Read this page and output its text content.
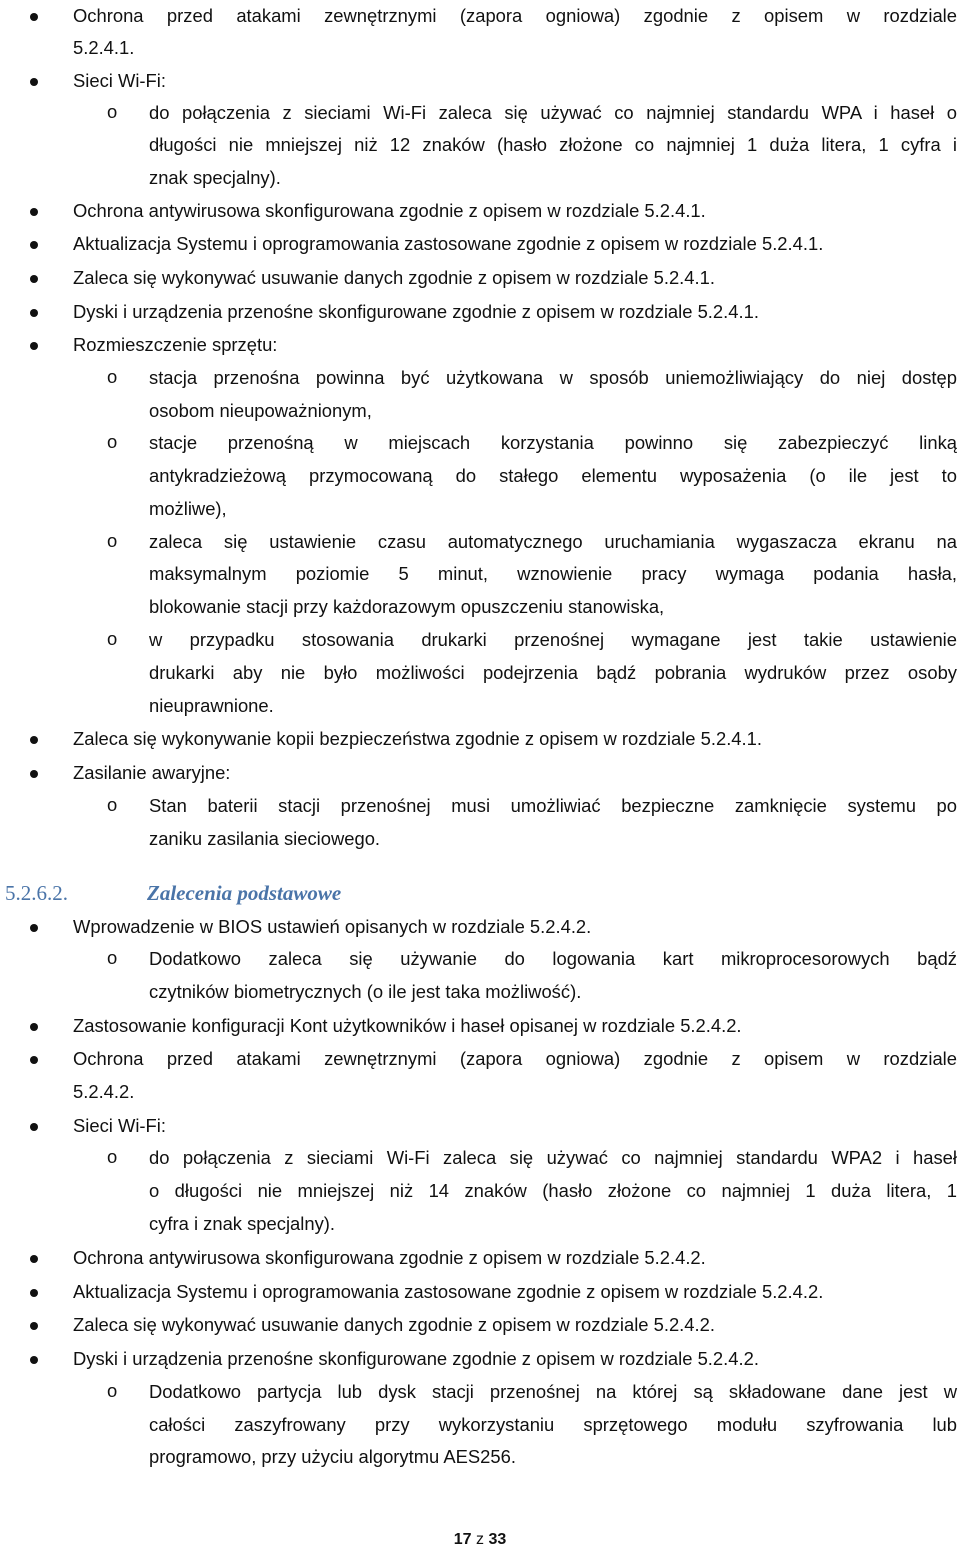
Ochrona przed atakami zewnętrznymi (zapora ogniowa) zgodnie z opisem w rozdziale
5.2.4.1.
Sieci Wi-Fi:
o do połączenia z sieciami Wi-Fi zaleca się używać co najmniej standardu WPA i haseł o
długości nie mniejszej niż 12 znaków (hasło złożone co najmniej 1 duża litera, 1 cyfra i
znak specjalny).
Ochrona antywirusowa skonfigurowana zgodnie z opisem w rozdziale 5.2.4.1.
Aktualizacja Systemu i oprogramowania zastosowane zgodnie z opisem w rozdziale 5.2.4.1.
Zaleca się wykonywać usuwanie danych zgodnie z opisem w rozdziale 5.2.4.1.
Dyski i urządzenia przenośne skonfigurowane zgodnie z opisem w rozdziale 5.2.4.1.
Rozmieszczenie sprzętu:
o stacja przenośna powinna być użytkowana w sposób uniemożliwiający do niej dostęp
osobom nieupoważnionym,
o stacje przenośną w miejscach korzystania powinno się zabezpieczyć linką
antykradzieżową przymocowaną do stałego elementu wyposażenia (o ile jest to
możliwe),
o zaleca się ustawienie czasu automatycznego uruchamiania wygaszacza ekranu na
maksymalnym poziomie 5 minut, wznowienie pracy wymaga podania hasła,
blokowanie stacji przy każdorazowym opuszczeniu stanowiska,
o w przypadku stosowania drukarki przenośnej wymagane jest takie ustawienie
drukarki aby nie było możliwości podejrzenia bądź pobrania wydruków przez osoby
nieuprawnione.
Zaleca się wykonywanie kopii bezpieczeństwa zgodnie z opisem w rozdziale 5.2.4.1.
Zasilanie awaryjne:
o Stan baterii stacji przenośnej musi umożliwiać bezpieczne zamknięcie systemu po
zaniku zasilania sieciowego.
5.2.6.2.	Zalecenia podstawowe
Wprowadzenie w BIOS ustawień opisanych w rozdziale 5.2.4.2.
o Dodatkowo zaleca się używanie do logowania kart mikroprocesorowych bądź
czytników biometrycznych (o ile jest taka możliwość).
Zastosowanie konfiguracji Kont użytkowników i haseł opisanej w rozdziale 5.2.4.2.
Ochrona przed atakami zewnętrznymi (zapora ogniowa) zgodnie z opisem w rozdziale
5.2.4.2.
Sieci Wi-Fi:
o do połączenia z sieciami Wi-Fi zaleca się używać co najmniej standardu WPA2 i haseł
o długości nie mniejszej niż 14 znaków (hasło złożone co najmniej 1 duża litera, 1
cyfra i znak specjalny).
Ochrona antywirusowa skonfigurowana zgodnie z opisem w rozdziale 5.2.4.2.
Aktualizacja Systemu i oprogramowania zastosowane zgodnie z opisem w rozdziale 5.2.4.2.
Zaleca się wykonywać usuwanie danych zgodnie z opisem w rozdziale 5.2.4.2.
Dyski i urządzenia przenośne skonfigurowane zgodnie z opisem w rozdziale 5.2.4.2.
o Dodatkowo partycja lub dysk stacji przenośnej na której są składowane dane jest w
całości zaszyfrowany przy wykorzystaniu sprzętowego modułu szyfrowania lub
programowo, przy użyciu algorytmu AES256.
17 z 33
